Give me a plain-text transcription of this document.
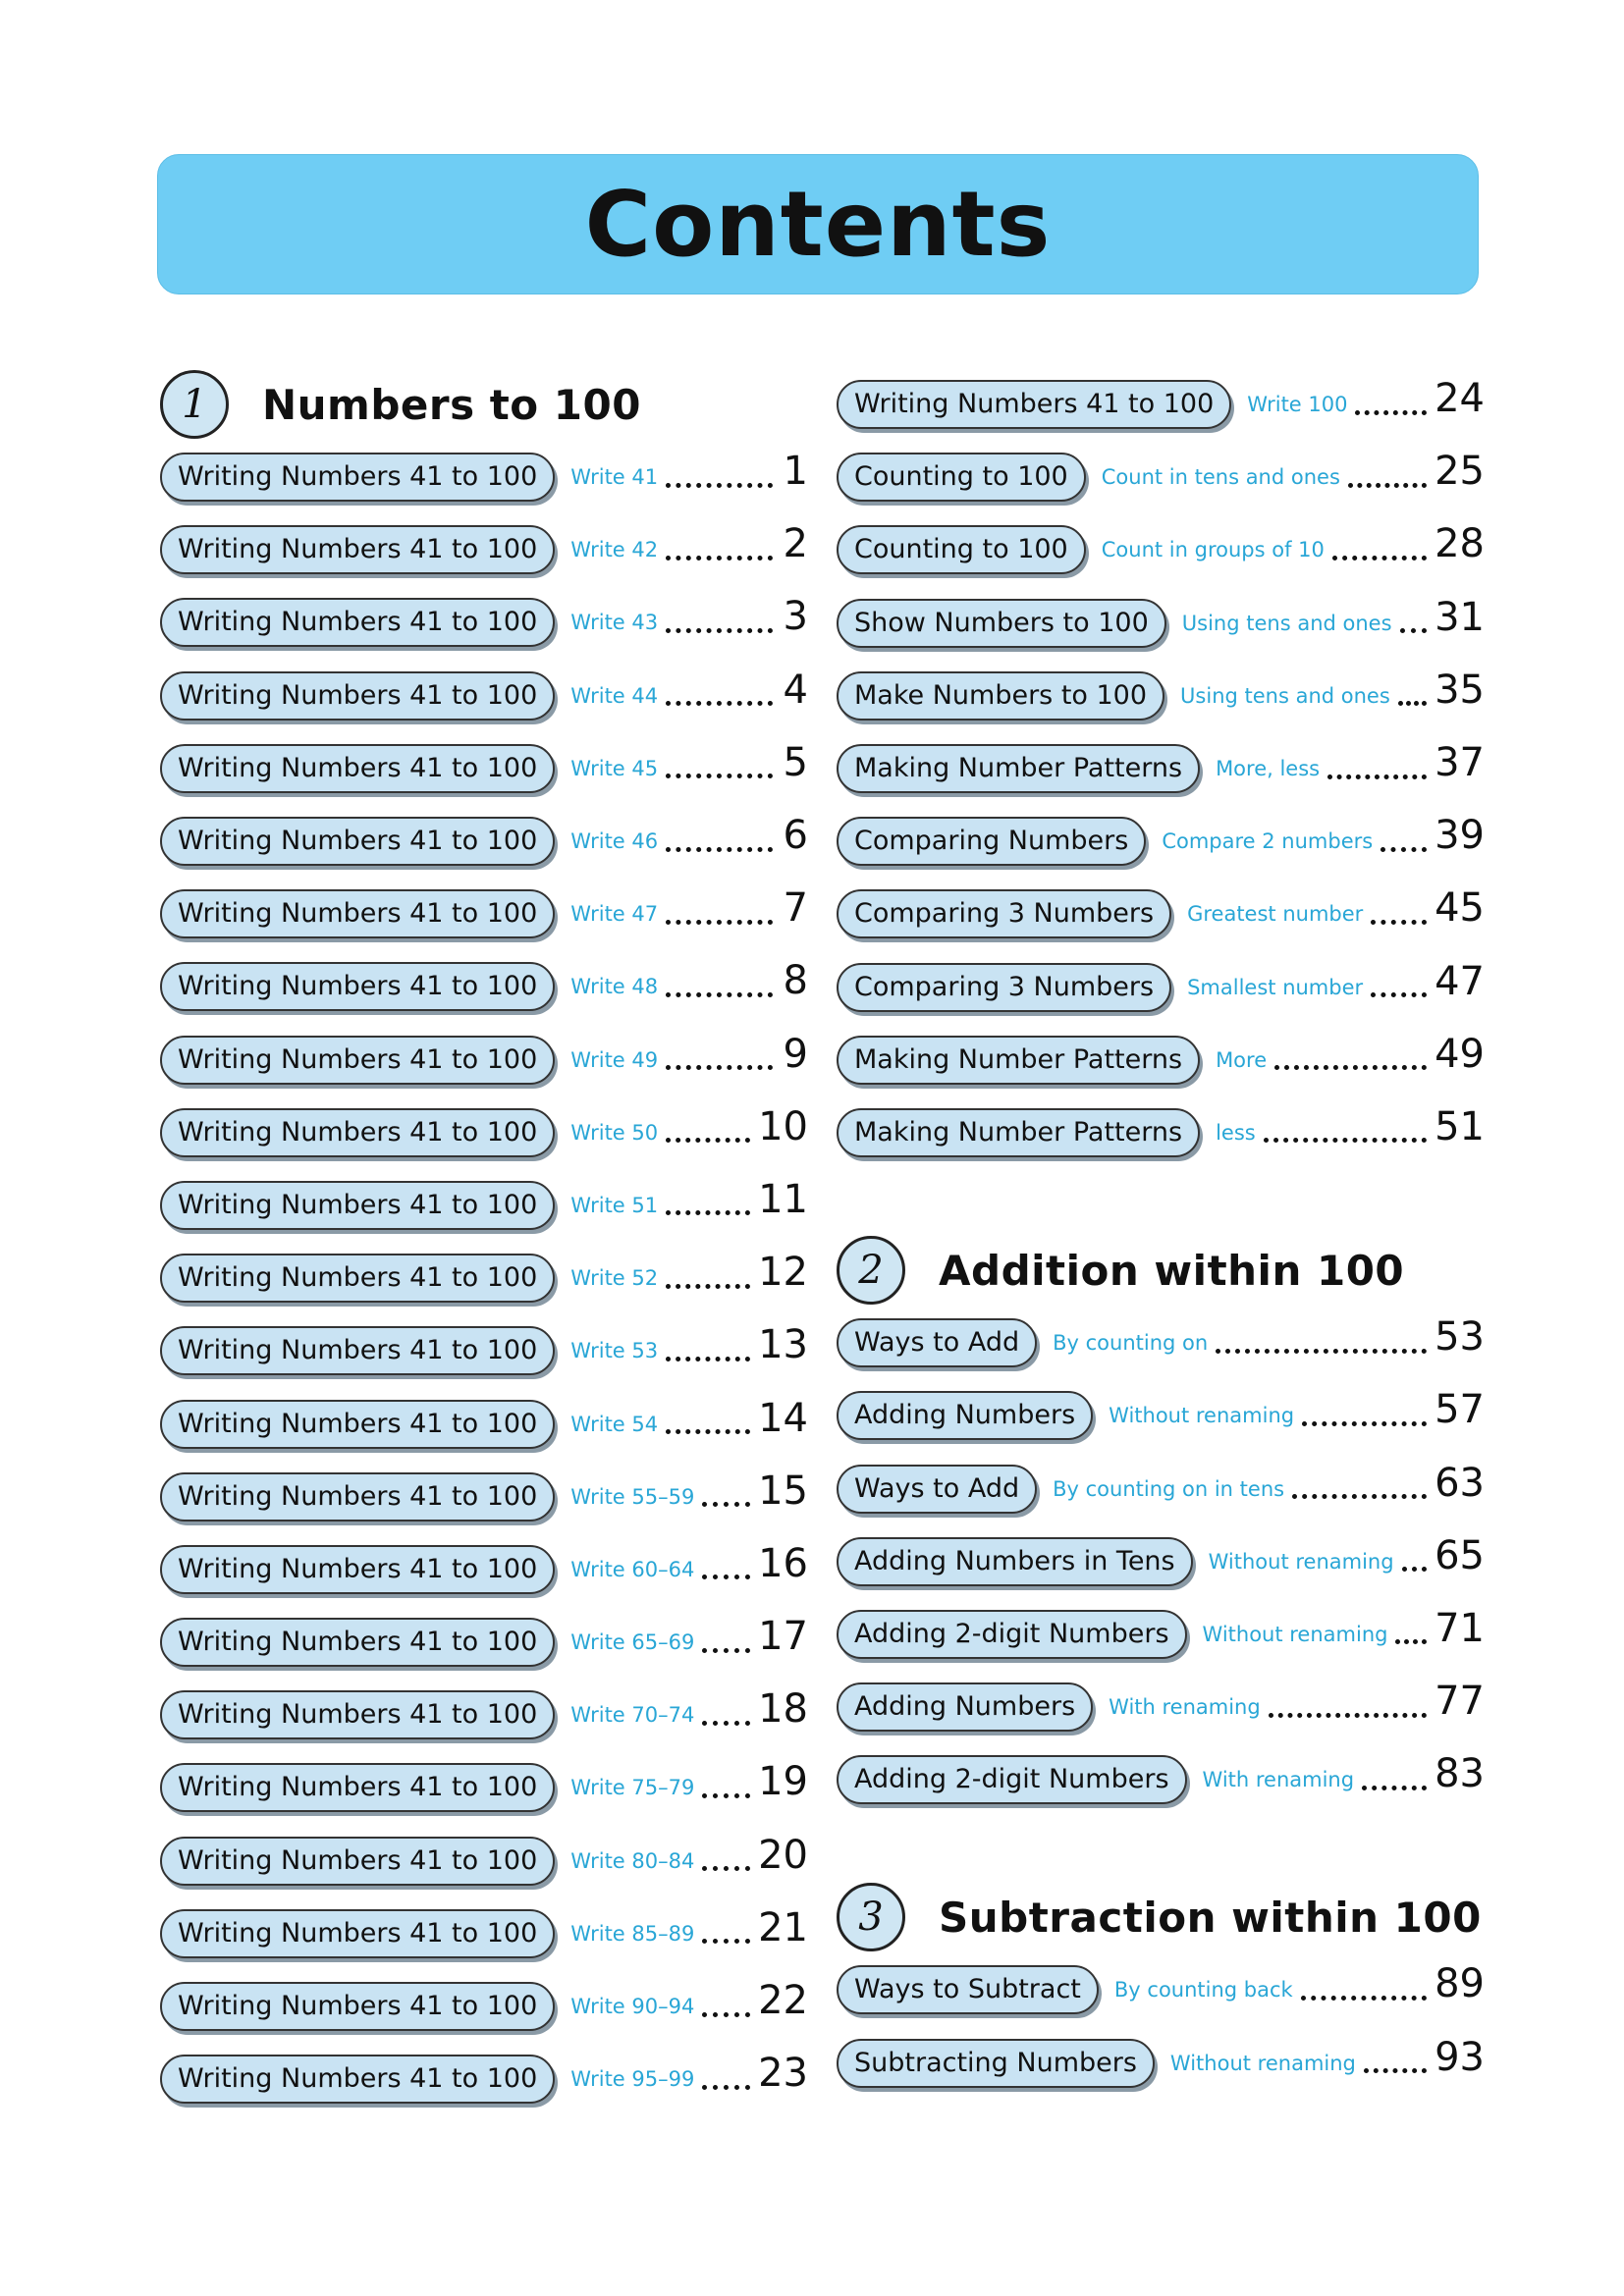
Contents
1	Numbers to 100
Writing Numbers 41 to 100	Write 41	1
Writing Numbers 41 to 100	Write 42	2
Writing Numbers 41 to 100	Write 43	3
Writing Numbers 41 to 100	Write 44	4
Writing Numbers 41 to 100	Write 45	5
Writing Numbers 41 to 100	Write 46	6
Writing Numbers 41 to 100	Write 47	7
Writing Numbers 41 to 100	Write 48	8
Writing Numbers 41 to 100	Write 49	9
Writing Numbers 41 to 100	Write 50	10
Writing Numbers 41 to 100	Write 51	11
Writing Numbers 41 to 100	Write 52	12
Writing Numbers 41 to 100	Write 53	13
Writing Numbers 41 to 100	Write 54	14
Writing Numbers 41 to 100	Write 55–59 15
Writing Numbers 41 to 100	Write 60–64 16
Writing Numbers 41 to 100	Write 65–69 17
Writing Numbers 41 to 100	Write 70–74 18
Writing Numbers 41 to 100	Write 75–79 19
Writing Numbers 41 to 100	Write 80–84 20
Writing Numbers 41 to 100	Write 85–89 21
Writing Numbers 41 to 100	Write 90–94 22
Writing Numbers 41 to 100	Write 95–99 23
Writing Numbers 41 to 100	Write 100 24
Counting to 100	Count in tens and ones 25
Counting to 100	Count in groups of 10	28
Show Numbers to 100	Using tens and ones 31
Make Numbers to 100	Using tens and ones 35
Making Number Patterns	More, less	37
Comparing Numbers	Compare 2 numbers 39
Comparing 3 Numbers	Greatest number 45
Comparing 3 Numbers	Smallest number 47
Making Number Patterns	More	49
Making Number Patterns	less	51
2	Addition within 100
Ways to Add	By counting on	53
Adding Numbers	Without renaming	57
Ways to Add	By counting on in tens	63
Adding Numbers in Tens	Without renaming 65
Adding 2-digit Numbers	Without renaming 71
Adding Numbers	With renaming	77
Adding 2-digit Numbers	With renaming 83
3	Subtraction within 100
Ways to Subtract	By counting back	89
Subtracting Numbers	Without renaming 93
